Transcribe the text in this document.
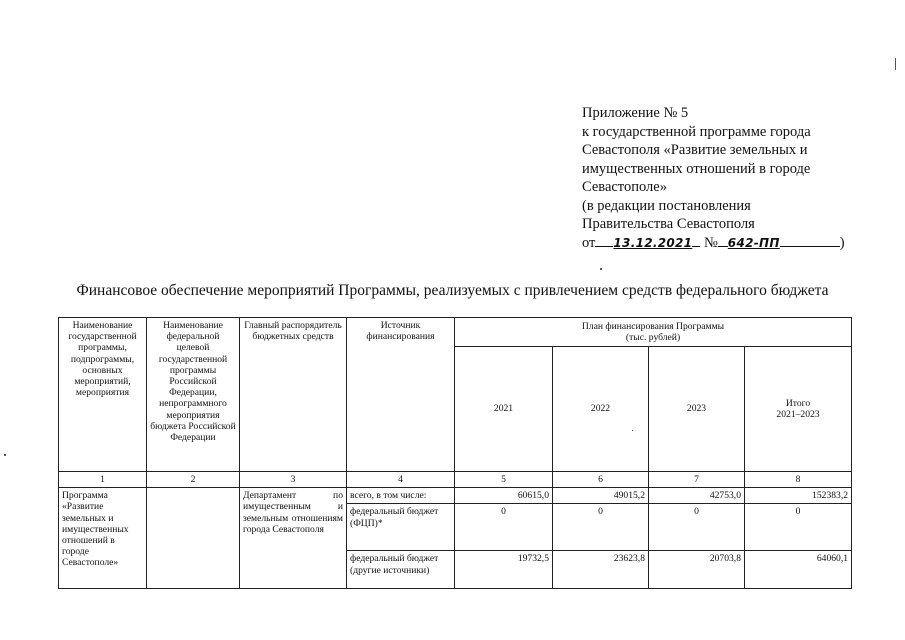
Приложение № 5
к государственной программе города
Севастополя «Развитие земельных и
имущественных отношений в городе
Севастополе»
(в редакции постановления
Правительства Севастополя
от 13.12.2021 № 642-ПП	)
Финансовое обеспечение мероприятий Программы, реализуемых с привлечением средств федерального бюджета
Наименование государственной программы, подпрограммы, основных мероприятий, мероприятия	Наименование федеральной целевой государственной программы Российской Федерации, непрограммного мероприятия бюджета Российской Федерации	Главный распорядитель бюджетных средств	Источник финансирования	План финансирования Программы
(тыс. рублей)			

				2021	2022	2023	Итого
2021–2023

1	2	3	4	5	6	7	8
Программа «Развитие земельных и имущественных отношений в городе Севастополе»		Департамент по имущественным и земельным отношениям города Севастополя	всего, в том числе:	60615,0	49015,2	42753,0	152383,2
			федеральный бюджет (ФЦП)*	0	0	0	0
			федеральный бюджет (другие источники)	19732,5	23623,8	20703,8	64060,1
